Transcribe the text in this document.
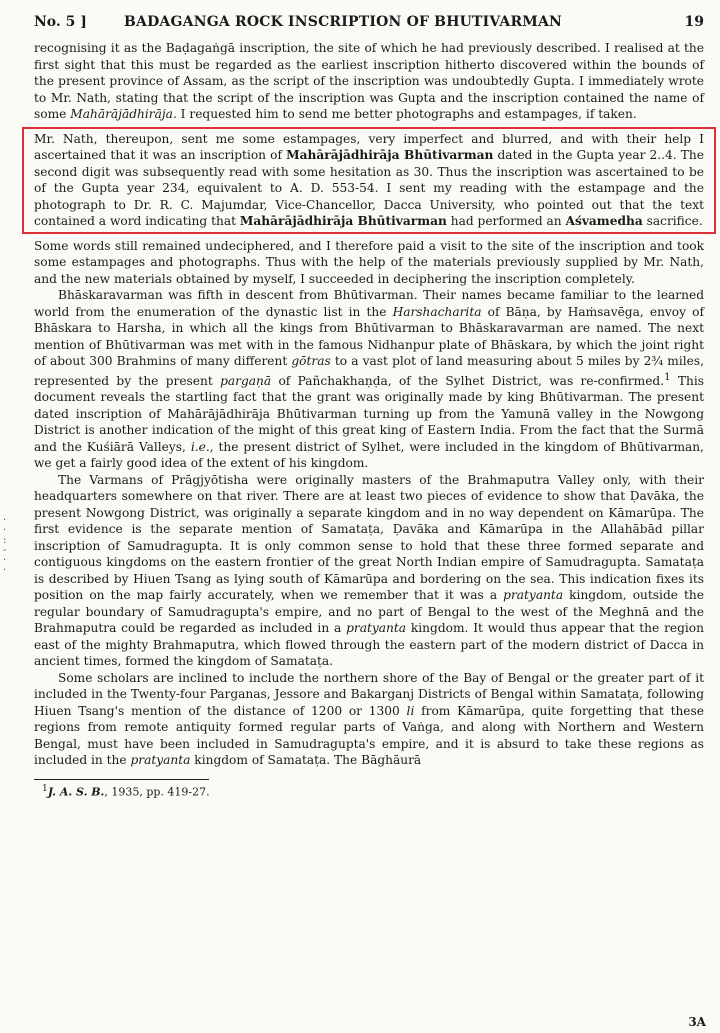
No. 5 ]	BADAGANGA ROCK INSCRIPTION OF BHUTIVARMAN	19

recognising it as the Baḍagaṅgā inscription, the site of which he had previously described. I realised at the first sight that this must be regarded as the earliest inscription hitherto discovered within the bounds of the present province of Assam, as the script of the inscription was undoubtedly Gupta. I immediately wrote to Mr. Nath, stating that the script of the inscription was Gupta and the inscription contained the name of some Mahārājādhirāja. I requested him to send me better photographs and estampages, if taken.

Mr. Nath, thereupon, sent me some estampages, very imperfect and blurred, and with their help I ascertained that it was an inscription of Mahārājādhirāja Bhūtivarman dated in the Gupta year 2..4. The second digit was subsequently read with some hesitation as 30. Thus the inscription was ascertained to be of the Gupta year 234, equivalent to A. D. 553-54. I sent my reading with the estampage and the photograph to Dr. R. C. Majumdar, Vice-Chancellor, Dacca University, who pointed out that the text contained a word indicating that Mahārājādhirāja Bhūtivarman had performed an Aśvamedha sacrifice.

Some words still remained undeciphered, and I therefore paid a visit to the site of the inscription and took some estampages and photographs. Thus with the help of the materials previously supplied by Mr. Nath, and the new materials obtained by myself, I succeeded in deciphering the inscription completely.

Bhāskaravarman was fifth in descent from Bhūtivarman. Their names became familiar to the learned world from the enumeration of the dynastic list in the Harshacharita of Bāṇa, by Haṁsavēga, envoy of Bhāskara to Harsha, in which all the kings from Bhūtivarman to Bhāskaravarman are named. The next mention of Bhūtivarman was met with in the famous Nidhanpur plate of Bhāskara, by which the joint right of about 300 Brahmins of many different gōtras to a vast plot of land measuring about 5 miles by 2¾ miles, represented by the present pargaṇā of Pañchakhaṇḍa, of the Sylhet District, was re-confirmed.$^1$ This document reveals the startling fact that the grant was originally made by king Bhūtivarman. The present dated inscription of Mahārājādhirāja Bhūtivarman turning up from the Yamunā valley in the Nowgong District is another indication of the might of this great king of Eastern India. From the fact that the Surmā and the Kuśiārā Valleys, i.e., the present district of Sylhet, were included in the kingdom of Bhūtivarman, we get a fairly good idea of the extent of his kingdom.

The Varmans of Prāgjyōtisha were originally masters of the Brahmaputra Valley only, with their headquarters somewhere on that river. There are at least two pieces of evidence to show that Ḍavāka, the present Nowgong District, was originally a separate kingdom and in no way dependent on Kāmarūpa. The first evidence is the separate mention of Samataṭa, Ḍavāka and Kāmarūpa in the Allahābād pillar inscription of Samudragupta. It is only common sense to hold that these three formed separate and contiguous kingdoms on the eastern frontier of the great North Indian empire of Samudragupta. Samataṭa is described by Hiuen Tsang as lying south of Kāmarūpa and bordering on the sea. This indication fixes its position on the map fairly accurately, when we remember that it was a pratyanta kingdom, outside the regular boundary of Samudragupta's empire, and no part of Bengal to the west of the Meghnā and the Brahmaputra could be regarded as included in a pratyanta kingdom. It would thus appear that the region east of the mighty Brahmaputra, which flowed through the eastern part of the modern district of Dacca in ancient times, formed the kingdom of Samataṭa.

Some scholars are inclined to include the northern shore of the Bay of Bengal or the greater part of it included in the Twenty-four Parganas, Jessore and Bakarganj Districts of Bengal within Samataṭa, following Hiuen Tsang's mention of the distance of 1200 or 1300 li from Kāmarūpa, quite forgetting that these regions from remote antiquity formed regular parts of Vaṅga, and along with Northern and Western Bengal, must have been included in Samudragupta's empire, and it is absurd to take these regions as included in the pratyanta kingdom of Samataṭa. The Bāghāurā

$^1$J. A. S. B., 1935, pp. 419-27.
·
·
:
-
·
·
3A
